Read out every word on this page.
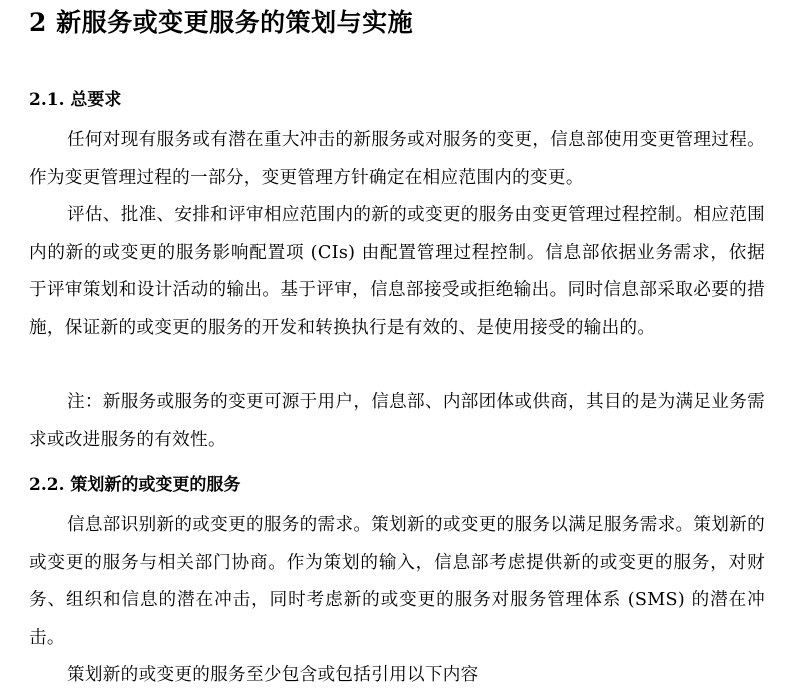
2 新服务或变更服务的策划与实施
2.1. 总要求

任何对现有服务或有潜在重大冲击的新服务或对服务的变更，信息部使用变更管理过程。作为变更管理过程的一部分，变更管理方针确定在相应范围内的变更。

评估、批准、安排和评审相应范围内的新的或变更的服务由变更管理过程控制。相应范围内的新的或变更的服务影响配置项 (CIs) 由配置管理过程控制。信息部依据业务需求，依据于评审策划和设计活动的输出。基于评审，信息部接受或拒绝输出。同时信息部采取必要的措施，保证新的或变更的服务的开发和转换执行是有效的、是使用接受的输出的。

注：新服务或服务的变更可源于用户，信息部、内部团体或供商，其目的是为满足业务需求或改进服务的有效性。

2.2. 策划新的或变更的服务

信息部识别新的或变更的服务的需求。策划新的或变更的服务以满足服务需求。策划新的或变更的服务与相关部门协商。作为策划的输入，信息部考虑提供新的或变更的服务，对财务、组织和信息的潜在冲击，同时考虑新的或变更的服务对服务管理体系 (SMS) 的潜在冲击。

策划新的或变更的服务至少包含或包括引用以下内容
